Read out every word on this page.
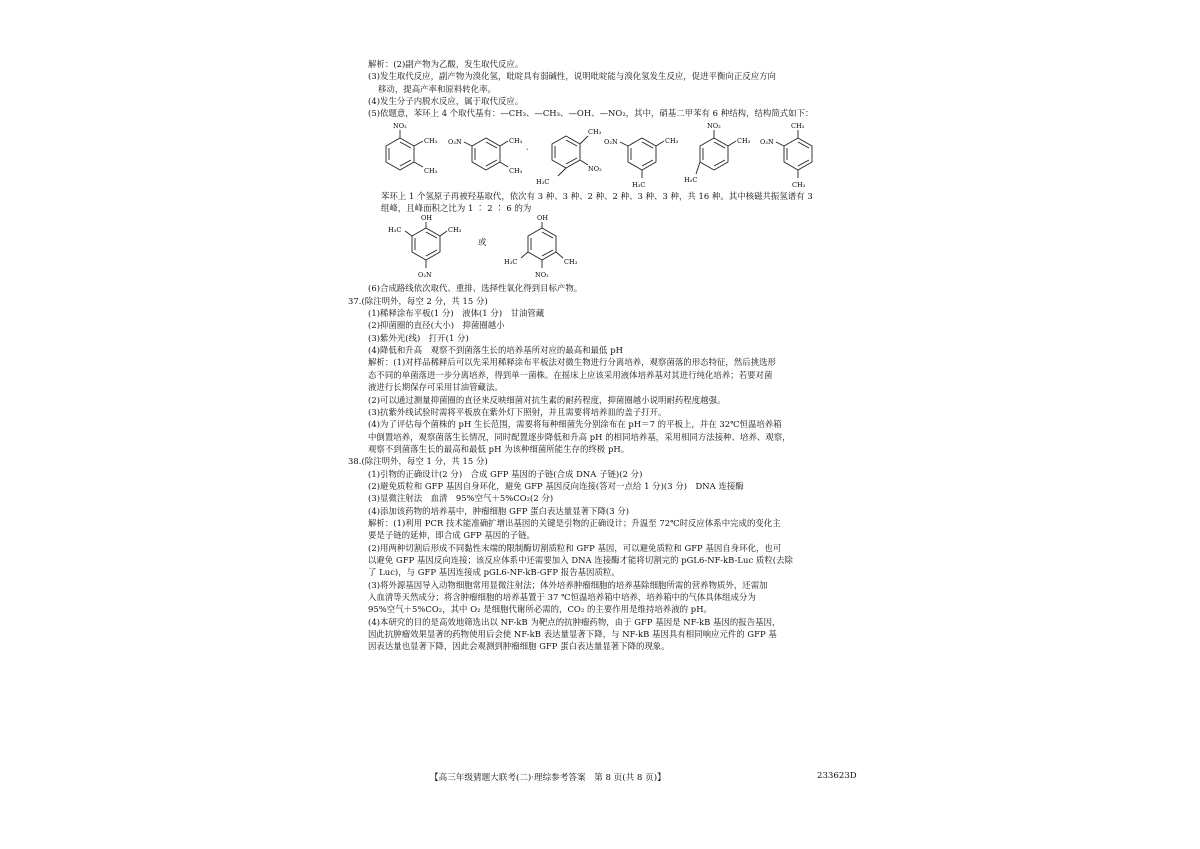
解析：(2)副产物为乙酸，发生取代反应。
(3)发生取代反应，副产物为溴化氢，吡啶具有弱碱性，说明吡啶能与溴化氢发生反应，促进平衡向正反应方向
移动，提高产率和原料转化率。
(4)发生分子内脱水反应，属于取代反应。
(5)依题意，苯环上 4 个取代基有：—CH₃、—CH₃、—OH、—NO₂，其中，硝基二甲苯有 6 种结构，结构简式如下：
NO₂
CH₃
CH₃
O₂N	CH₃
CH₃
、
CH₃
H₃C
NO₂
O₂N	CH₃
H₃C
NO₂
CH₃
H₃C
O₂N
CH₃
CH₃
苯环上 1 个氢原子再被羟基取代，依次有 3 种、3 种、2 种、2 种、3 种、3 种，共 16 种。其中核磁共振氢谱有 3
组峰，且峰面积之比为 1 ∶ 2 ∶ 6 的为
OH
H₃C	CH₃
O₂N
或
OH
H₃C	CH₃
NO₂
(6)合成路线依次取代、重排、选择性氧化得到目标产物。
37.(除注明外，每空 2 分，共 15 分)
(1)稀释涂布平板(1 分)　液体(1 分)　甘油管藏
(2)抑菌圈的直径(大小)　抑菌圈越小
(3)紫外光(线)　打开(1 分)
(4)降低和升高　观察不到菌落生长的培养基所对应的最高和最低 pH
解析：(1)对样品稀释后可以先采用稀释涂布平板法对微生物进行分离培养，观察菌落的形态特征，然后挑选形
态不同的单菌落进一步分离培养，得到单一菌株。在摇床上应该采用液体培养基对其进行纯化培养；若要对菌
液进行长期保存可采用甘油管藏法。
(2)可以通过测量抑菌圈的直径来反映细菌对抗生素的耐药程度，抑菌圈越小说明耐药程度越强。
(3)抗紫外线试验时需将平板放在紫外灯下照射，并且需要将培养皿的盖子打开。
(4)为了评估每个菌株的 pH 生长范围，需要将每种细菌先分别涂布在 pH＝7 的平板上，并在 32℃恒温培养箱
中倒置培养，观察菌落生长情况，同时配置逐步降低和升高 pH 的相同培养基，采用相同方法接种、培养、观察，
观察不到菌落生长的最高和最低 pH 为该种细菌所能生存的终极 pH。
38.(除注明外，每空 1 分，共 15 分)
(1)引物的正确设计(2 分)　合成 GFP 基因的子链(合成 DNA 子链)(2 分)
(2)避免质粒和 GFP 基因自身环化，避免 GFP 基因反向连接(答对一点给 1 分)(3 分)　DNA 连接酶
(3)显微注射法　血清　95%空气＋5%CO₂(2 分)
(4)添加该药物的培养基中，肿瘤细胞 GFP 蛋白表达量显著下降(3 分)
解析：(1)利用 PCR 技术能准确扩增出基因的关键是引物的正确设计；升温至 72℃时反应体系中完成的变化主
要是子链的延伸，即合成 GFP 基因的子链。
(2)用两种切割后形成不同黏性末端的限制酶切割质粒和 GFP 基因，可以避免质粒和 GFP 基因自身环化，也可
以避免 GFP 基因反向连接；该反应体系中还需要加入 DNA 连接酶才能将切割完的 pGL6-NF-kB-Luc 质粒(去除
了 Luc)，与 GFP 基因连接成 pGL6-NF-kB-GFP 报告基因质粒。
(3)将外源基因导入动物细胞常用显微注射法；体外培养肿瘤细胞的培养基除细胞所需的营养物质外，还需加
入血清等天然成分；将含肿瘤细胞的培养基置于 37 ℃恒温培养箱中培养，培养箱中的气体具体组成分为
95%空气＋5%CO₂，其中 O₂ 是细胞代谢所必需的，CO₂ 的主要作用是维持培养液的 pH。
(4)本研究的目的是高效地筛选出以 NF-kB 为靶点的抗肿瘤药物，由于 GFP 基因是 NF-kB 基因的报告基因，
因此抗肿瘤效果显著的药物使用后会使 NF-kB 表达量显著下降，与 NF-kB 基因具有相同响应元件的 GFP 基
因表达量也显著下降，因此会观测到肿瘤细胞 GFP 蛋白表达量显著下降的现象。
【高三年级猜题大联考(二)·理综参考答案　第 8 页(共 8 页)】	233623D
